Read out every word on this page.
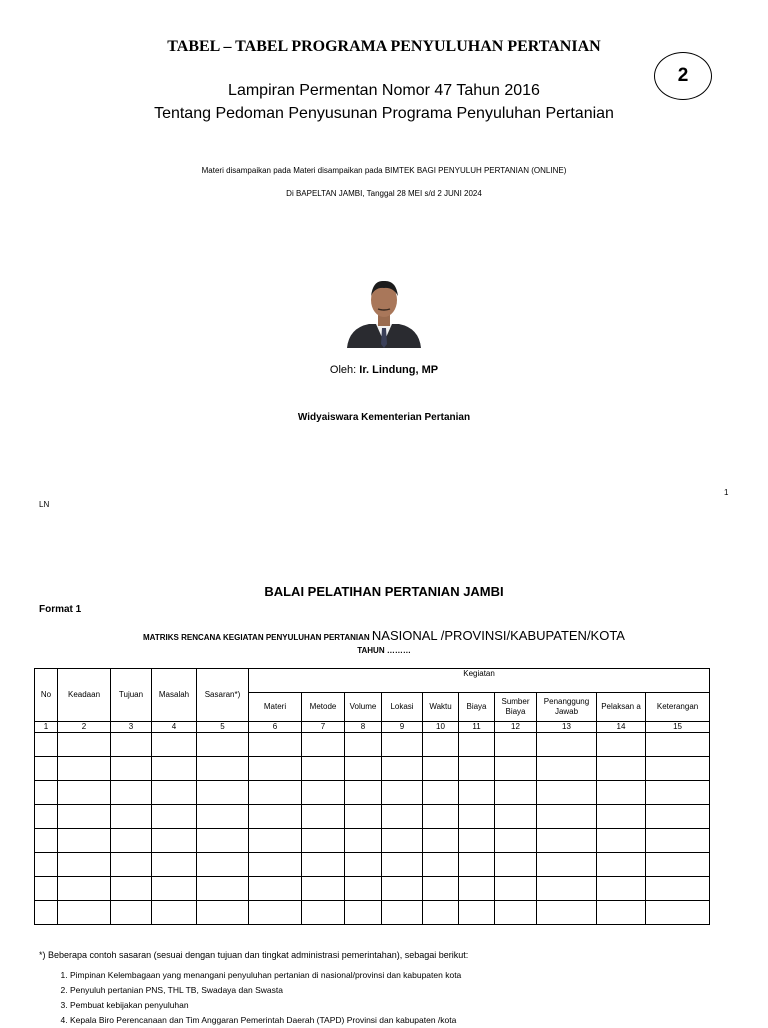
TABEL – TABEL PROGRAMA PENYULUHAN PERTANIAN
2
Lampiran Permentan Nomor 47 Tahun 2016
Tentang Pedoman Penyusunan Programa Penyuluhan Pertanian
Materi disampaikan pada Materi disampaikan pada BIMTEK BAGI PENYULUH PERTANIAN (ONLINE)
Di BAPELTAN JAMBI, Tanggal 28 MEI s/d 2 JUNI 2024
Oleh: Ir. Lindung, MP
Widyaiswara Kementerian Pertanian
1
LN
BALAI PELATIHAN PERTANIAN JAMBI
Format 1
MATRIKS RENCANA KEGIATAN PENYULUHAN PERTANIAN NASIONAL /PROVINSI/KABUPATEN/KOTA
TAHUN ………
No	Keadaan	Tujuan	Masalah	Sasaran*)	Kegiatan									
					Materi	Metode	Volume	Lokasi	Waktu	Biaya	Sumber Biaya	Penanggung Jawab	Pelaksan a	Keterangan
1	2	3	4	5	6	7	8	9	10	11	12	13	14	15

*) Beberapa contoh sasaran (sesuai dengan tujuan dan tingkat administrasi pemerintahan), sebagai berikut:
1. Pimpinan Kelembagaan yang menangani penyuluhan pertanian di nasional/provinsi dan kabupaten kota
2. Penyuluh pertanian PNS, THL TB, Swadaya dan Swasta
3. Pembuat kebijakan penyuluhan
4. Kepala Biro Perencanaan dan Tim Anggaran Pemerintah Daerah (TAPD) Provinsi dan kabupaten /kota
